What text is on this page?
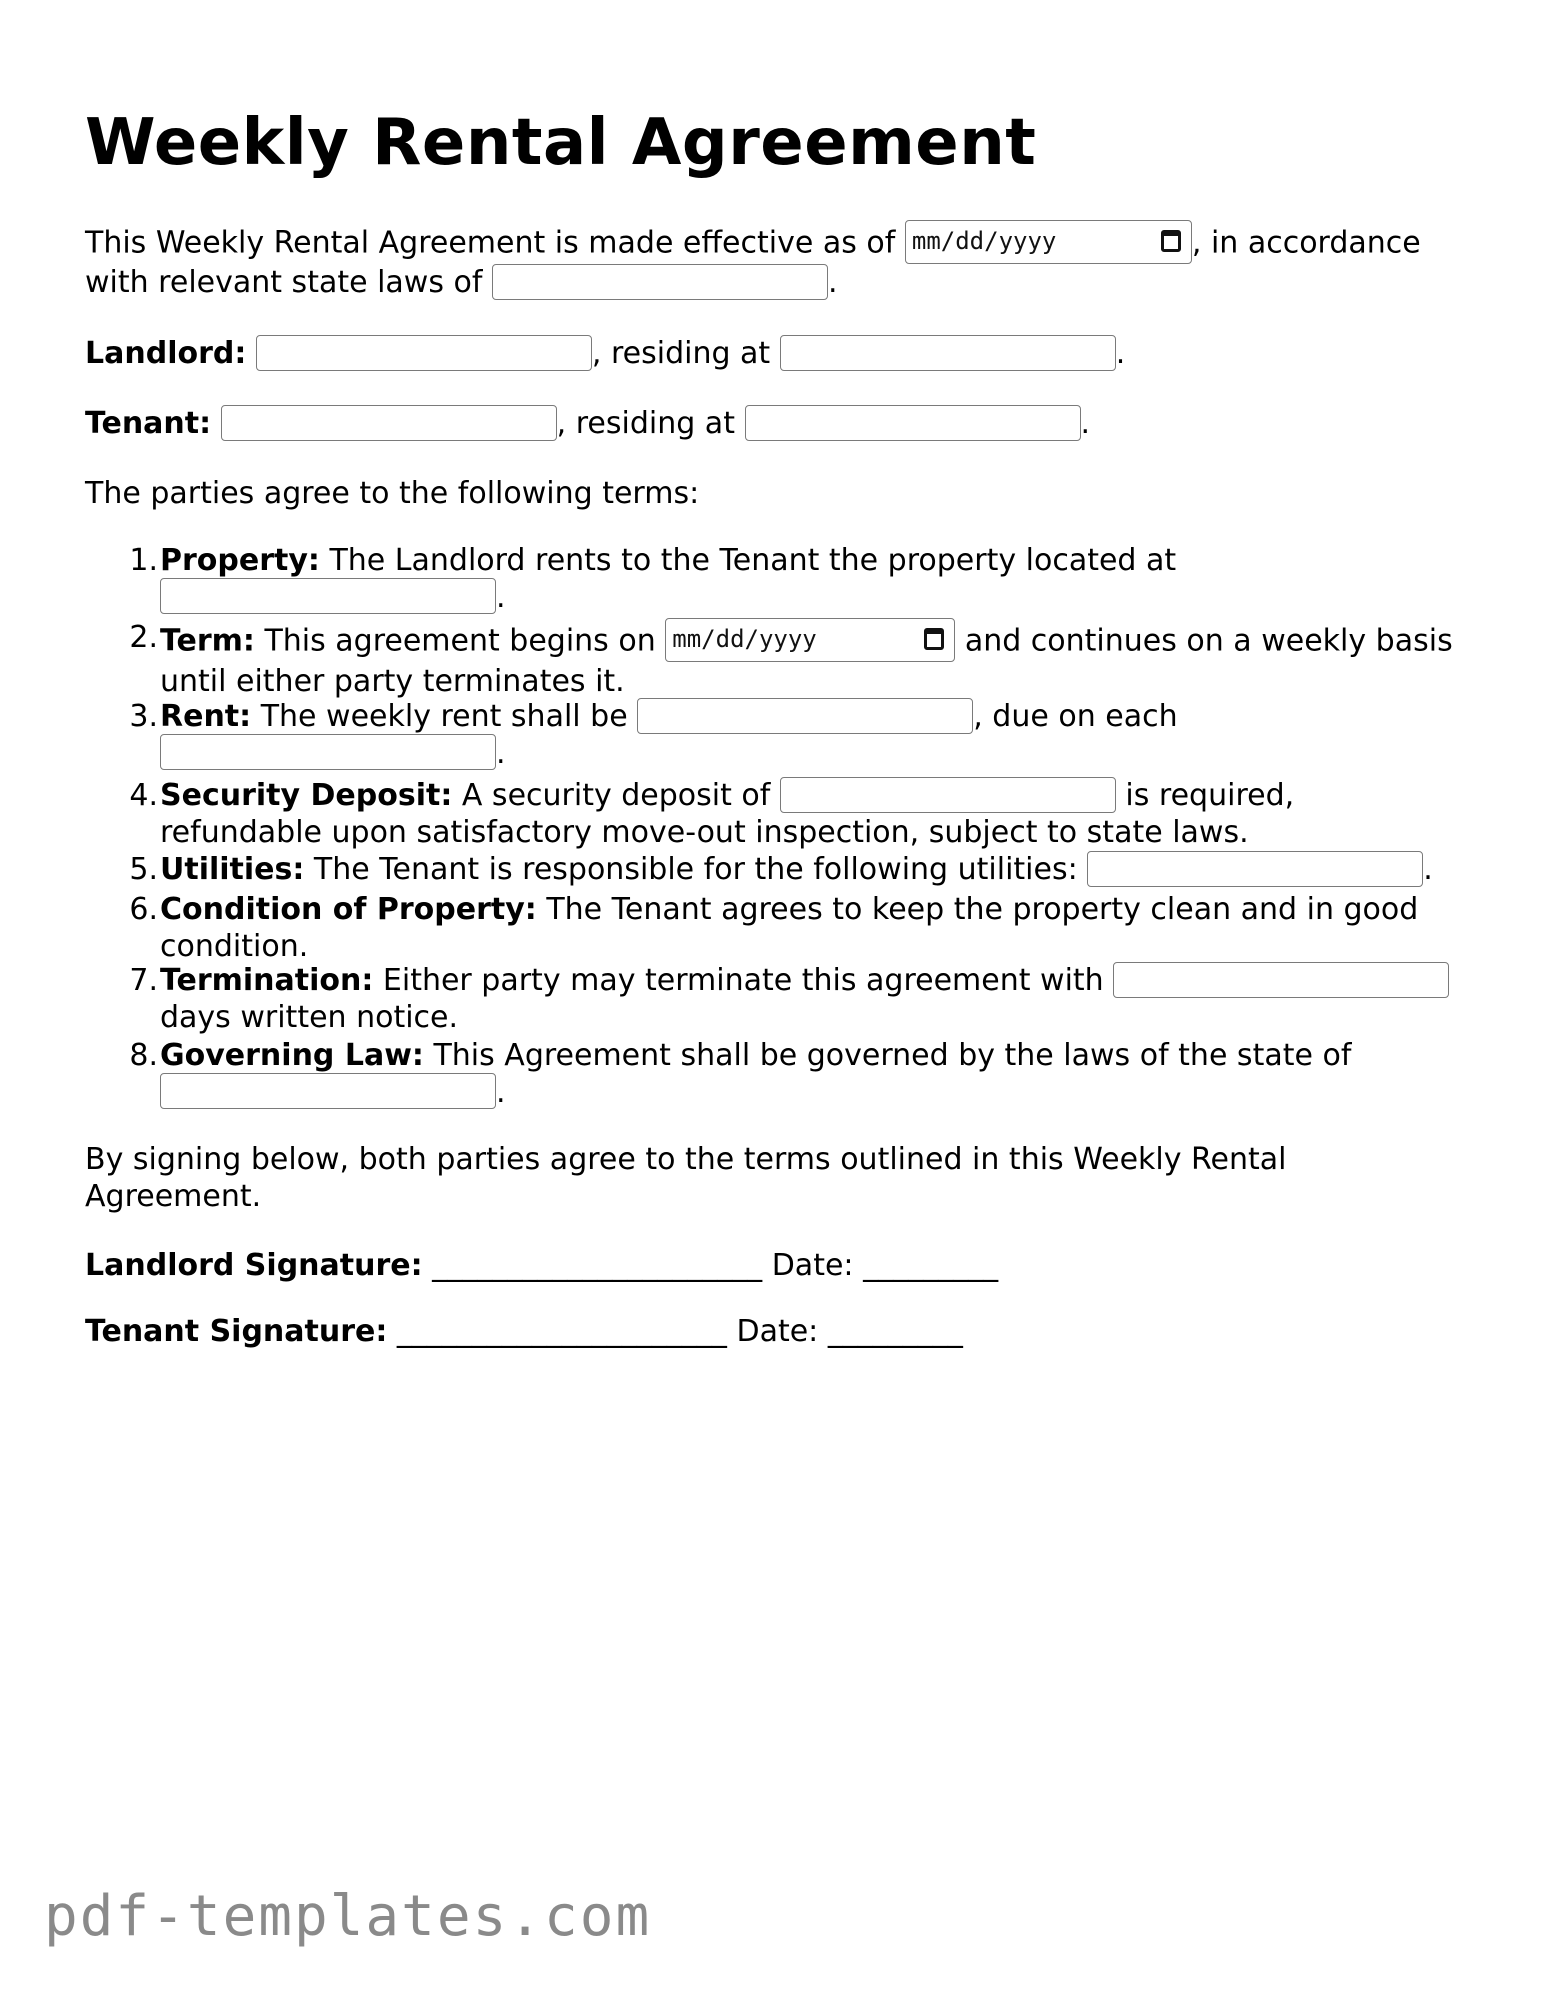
Weekly Rental Agreement

This Weekly Rental Agreement is made effective as of mm/dd/yyyy	, in accordance

with relevant state laws of	.

Landlord:	, residing at	.

Tenant:	, residing at	.

The parties agree to the following terms:

1. Property: The Landlord rents to the Tenant the property located at
.
2. Term: This agreement begins on mm/dd/yyyy	and continues on a weekly basis
until either party terminates it.
3. Rent: The weekly rent shall be	, due on each
.
4. Security Deposit: A security deposit of	is required,
refundable upon satisfactory move-out inspection, subject to state laws.
5. Utilities: The Tenant is responsible for the following utilities:	.
6. Condition of Property: The Tenant agrees to keep the property clean and in good
condition.
7. Termination: Either party may terminate this agreement with
days written notice.
8. Governing Law: This Agreement shall be governed by the laws of the state of
.

By signing below, both parties agree to the terms outlined in this Weekly Rental

Agreement.

Landlord Signature: ______________________ Date: _________
Tenant Signature: ______________________ Date: _________
pdf-templates.com
